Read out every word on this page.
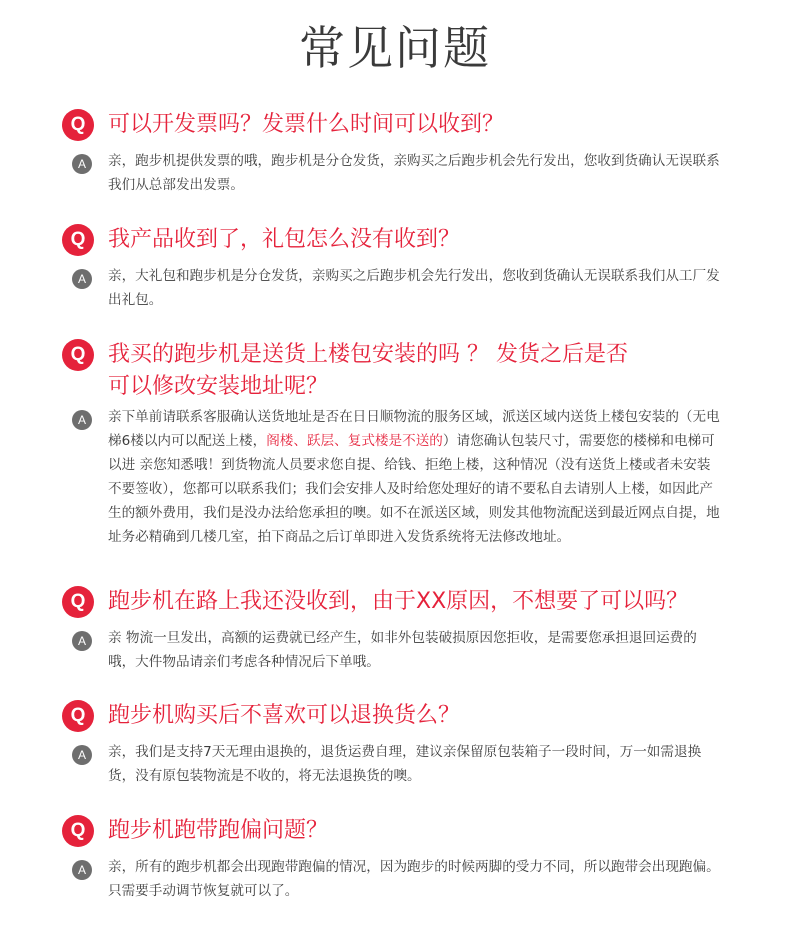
常见问题
Q	可以开发票吗？发票什么时间可以收到？
A	亲，跑步机提供发票的哦，跑步机是分仓发货，亲购买之后跑步机会先行发出，您收到货确认无误联系我们从总部发出发票。

Q	我产品收到了，礼包怎么没有收到？
A	亲，大礼包和跑步机是分仓发货，亲购买之后跑步机会先行发出，您收到货确认无误联系我们从工厂发出礼包。

Q	我买的跑步机是送货上楼包安装的吗 ？ 发货之后是否可以修改安装地址呢？
A	亲下单前请联系客服确认送货地址是否在日日顺物流的服务区域，派送区域内送货上楼包安装的（无电梯6楼以内可以配送上楼，阁楼、跃层、复式楼是不送的）请您确认包装尺寸，需要您的楼梯和电梯可以进 亲您知悉哦！到货物流人员要求您自提、给钱、拒绝上楼，这种情况（没有送货上楼或者未安装不要签收），您都可以联系我们；我们会安排人及时给您处理好的请不要私自去请别人上楼，如因此产生的额外费用，我们是没办法给您承担的噢。如不在派送区域，则发其他物流配送到最近网点自提，地址务必精确到几楼几室，拍下商品之后订单即进入发货系统将无法修改地址。

Q	跑步机在路上我还没收到，由于XX原因，不想要了可以吗？
A	亲 物流一旦发出，高额的运费就已经产生，如非外包装破损原因您拒收，是需要您承担退回运费的哦，大件物品请亲们考虑各种情况后下单哦。

Q	跑步机购买后不喜欢可以退换货么？
A	亲，我们是支持7天无理由退换的，退货运费自理，建议亲保留原包装箱子一段时间，万一如需退换货，没有原包装物流是不收的，将无法退换货的噢。

Q	跑步机跑带跑偏问题？
A	亲，所有的跑步机都会出现跑带跑偏的情况，因为跑步的时候两脚的受力不同，所以跑带会出现跑偏。只需要手动调节恢复就可以了。
